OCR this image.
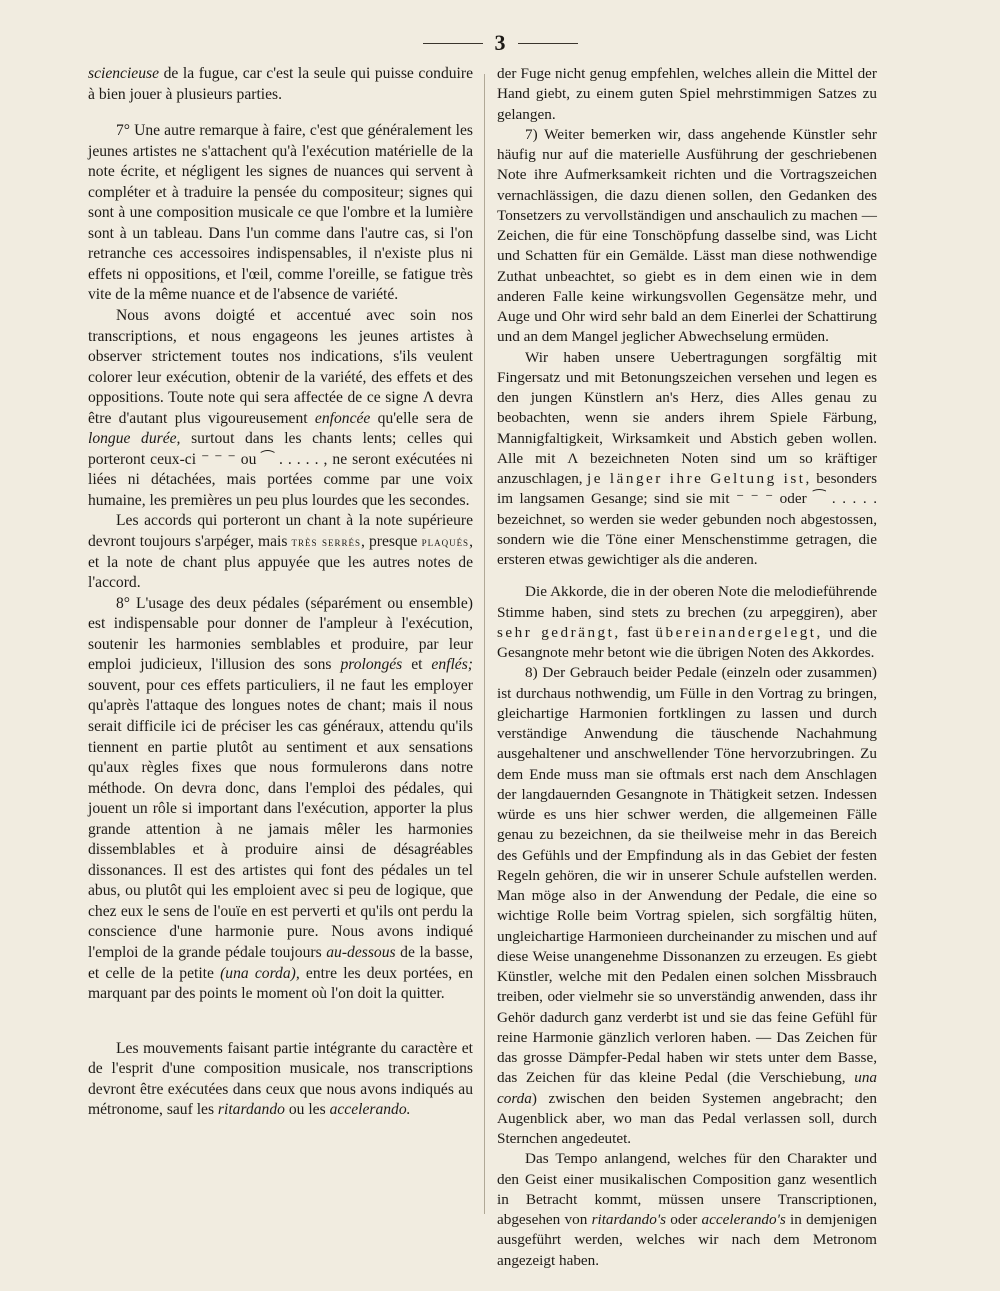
3

sciencieuse de la fugue, car c'est la seule qui puisse conduire à bien jouer à plusieurs parties.

7° Une autre remarque à faire, c'est que généralement les jeunes artistes ne s'attachent qu'à l'exécution matérielle de la note écrite, et négligent les signes de nuances qui servent à compléter et à traduire la pensée du compositeur; signes qui sont à une composition musicale ce que l'ombre et la lumière sont à un tableau. Dans l'un comme dans l'autre cas, si l'on retranche ces accessoires indispensables, il n'existe plus ni effets ni oppositions, et l'œil, comme l'oreille, se fatigue très vite de la même nuance et de l'absence de variété.

Nous avons doigté et accentué avec soin nos transcriptions, et nous engageons les jeunes artistes à observer strictement toutes nos indications, s'ils veulent colorer leur exécution, obtenir de la variété, des effets et des oppositions. Toute note qui sera affectée de ce signe Λ devra être d'autant plus vigoureusement enfoncée qu'elle sera de longue durée, surtout dans les chants lents; celles qui porteront ceux-ci ⁻ ⁻ ⁻ ou ⁀ . . . . . , ne seront exécutées ni liées ni détachées, mais portées comme par une voix humaine, les premières un peu plus lourdes que les secondes.

Les accords qui porteront un chant à la note supérieure devront toujours s'arpéger, mais très serrés, presque plaqués, et la note de chant plus appuyée que les autres notes de l'accord.

8° L'usage des deux pédales (séparément ou ensemble) est indispensable pour donner de l'ampleur à l'exécution, soutenir les harmonies semblables et produire, par leur emploi judicieux, l'illusion des sons prolongés et enflés; souvent, pour ces effets particuliers, il ne faut les employer qu'après l'attaque des longues notes de chant; mais il nous serait difficile ici de préciser les cas généraux, attendu qu'ils tiennent en partie plutôt au sentiment et aux sensations qu'aux règles fixes que nous formulerons dans notre méthode. On devra donc, dans l'emploi des pédales, qui jouent un rôle si important dans l'exécution, apporter la plus grande attention à ne jamais mêler les harmonies dissemblables et à produire ainsi de désagréables dissonances. Il est des artistes qui font des pédales un tel abus, ou plutôt qui les emploient avec si peu de logique, que chez eux le sens de l'ouïe en est perverti et qu'ils ont perdu la conscience d'une harmonie pure. Nous avons indiqué l'emploi de la grande pédale toujours au-dessous de la basse, et celle de la petite (una corda), entre les deux portées, en marquant par des points le moment où l'on doit la quitter.

Les mouvements faisant partie intégrante du caractère et de l'esprit d'une composition musicale, nos transcriptions devront être exécutées dans ceux que nous avons indiqués au métronome, sauf les ritardando ou les accelerando.

der Fuge nicht genug empfehlen, welches allein die Mittel der Hand giebt, zu einem guten Spiel mehrstimmigen Satzes zu gelangen.

7) Weiter bemerken wir, dass angehende Künstler sehr häufig nur auf die materielle Ausführung der geschriebenen Note ihre Aufmerksamkeit richten und die Vortragszeichen vernachlässigen, die dazu dienen sollen, den Gedanken des Tonsetzers zu vervollständigen und anschaulich zu machen — Zeichen, die für eine Tonschöpfung dasselbe sind, was Licht und Schatten für ein Gemälde. Lässt man diese nothwendige Zuthat unbeachtet, so giebt es in dem einen wie in dem anderen Falle keine wirkungsvollen Gegensätze mehr, und Auge und Ohr wird sehr bald an dem Einerlei der Schattirung und an dem Mangel jeglicher Abwechselung ermüden.

Wir haben unsere Uebertragungen sorgfältig mit Fingersatz und mit Betonungszeichen versehen und legen es den jungen Künstlern an's Herz, dies Alles genau zu beobachten, wenn sie anders ihrem Spiele Färbung, Mannigfaltigkeit, Wirksamkeit und Abstich geben wollen. Alle mit Λ bezeichneten Noten sind um so kräftiger anzuschlagen, je länger ihre Geltung ist, besonders im langsamen Gesange; sind sie mit ⁻ ⁻ ⁻ oder ⁀ . . . . . bezeichnet, so werden sie weder gebunden noch abgestossen, sondern wie die Töne einer Menschenstimme getragen, die ersteren etwas gewichtiger als die anderen.

Die Akkorde, die in der oberen Note die melodieführende Stimme haben, sind stets zu brechen (zu arpeggiren), aber sehr gedrängt, fast übereinandergelegt, und die Gesangnote mehr betont wie die übrigen Noten des Akkordes.

8) Der Gebrauch beider Pedale (einzeln oder zusammen) ist durchaus nothwendig, um Fülle in den Vortrag zu bringen, gleichartige Harmonien fortklingen zu lassen und durch verständige Anwendung die täuschende Nachahmung ausgehaltener und anschwellender Töne hervorzubringen. Zu dem Ende muss man sie oftmals erst nach dem Anschlagen der langdauernden Gesangnote in Thätigkeit setzen. Indessen würde es uns hier schwer werden, die allgemeinen Fälle genau zu bezeichnen, da sie theilweise mehr in das Bereich des Gefühls und der Empfindung als in das Gebiet der festen Regeln gehören, die wir in unserer Schule aufstellen werden. Man möge also in der Anwendung der Pedale, die eine so wichtige Rolle beim Vortrag spielen, sich sorgfältig hüten, ungleichartige Harmonieen durcheinander zu mischen und auf diese Weise unangenehme Dissonanzen zu erzeugen. Es giebt Künstler, welche mit den Pedalen einen solchen Missbrauch treiben, oder vielmehr sie so unverständig anwenden, dass ihr Gehör dadurch ganz verderbt ist und sie das feine Gefühl für reine Harmonie gänzlich verloren haben. — Das Zeichen für das grosse Dämpfer-Pedal haben wir stets unter dem Basse, das Zeichen für das kleine Pedal (die Verschiebung, una corda) zwischen den beiden Systemen angebracht; den Augenblick aber, wo man das Pedal verlassen soll, durch Sternchen angedeutet.

Das Tempo anlangend, welches für den Charakter und den Geist einer musikalischen Composition ganz wesentlich in Betracht kommt, müssen unsere Transcriptionen, abgesehen von ritardando's oder accelerando's in demjenigen ausgeführt werden, welches wir nach dem Metronom angezeigt haben.
